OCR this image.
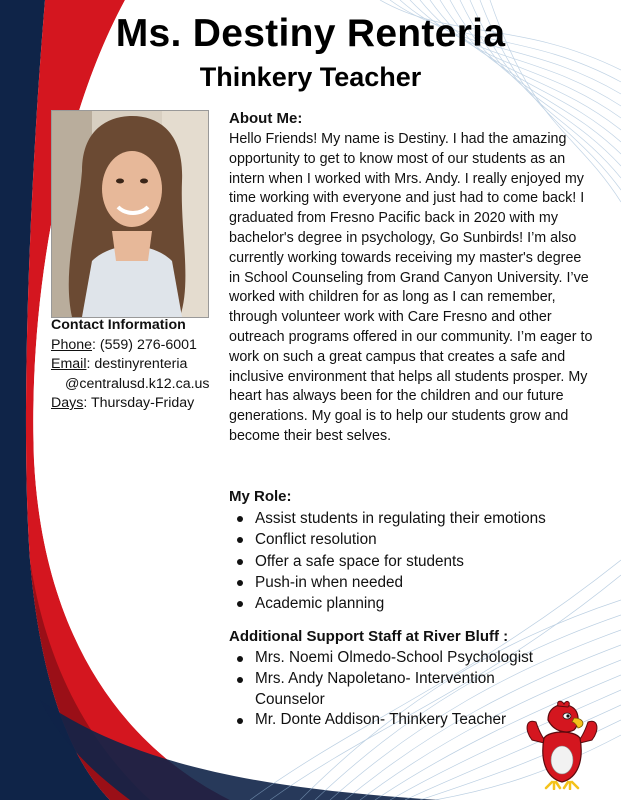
Ms. Destiny Renteria
Thinkery Teacher
Contact Information
Phone: (559) 276-6001
Email: destinyrenteria
@centralusd.k12.ca.us
Days: Thursday-Friday
About Me:
Hello Friends! My name is Destiny. I had the amazing opportunity to get to know most of our students as an intern when I worked with Mrs. Andy. I really enjoyed my time working with everyone and just had to come back! I graduated from Fresno Pacific back in 2020 with my bachelor's degree in psychology, Go Sunbirds! I’m also currently working towards receiving my master's degree in School Counseling from Grand Canyon University. I’ve worked with children for as long as I can remember, through volunteer work with Care Fresno and other outreach programs offered in our community. I’m eager to work on such a great campus that creates a safe and inclusive environment that helps all students prosper. My heart has always been for the children and our future generations. My goal is to help our students grow and become their best selves.
My Role:
Assist students in regulating their emotions
Conflict resolution
Offer a safe space for students
Push-in when needed
Academic planning
Additional Support Staff at River Bluff :
Mrs. Noemi Olmedo-School Psychologist
Mrs. Andy Napoletano- Intervention Counselor
Mr. Donte Addison- Thinkery Teacher
